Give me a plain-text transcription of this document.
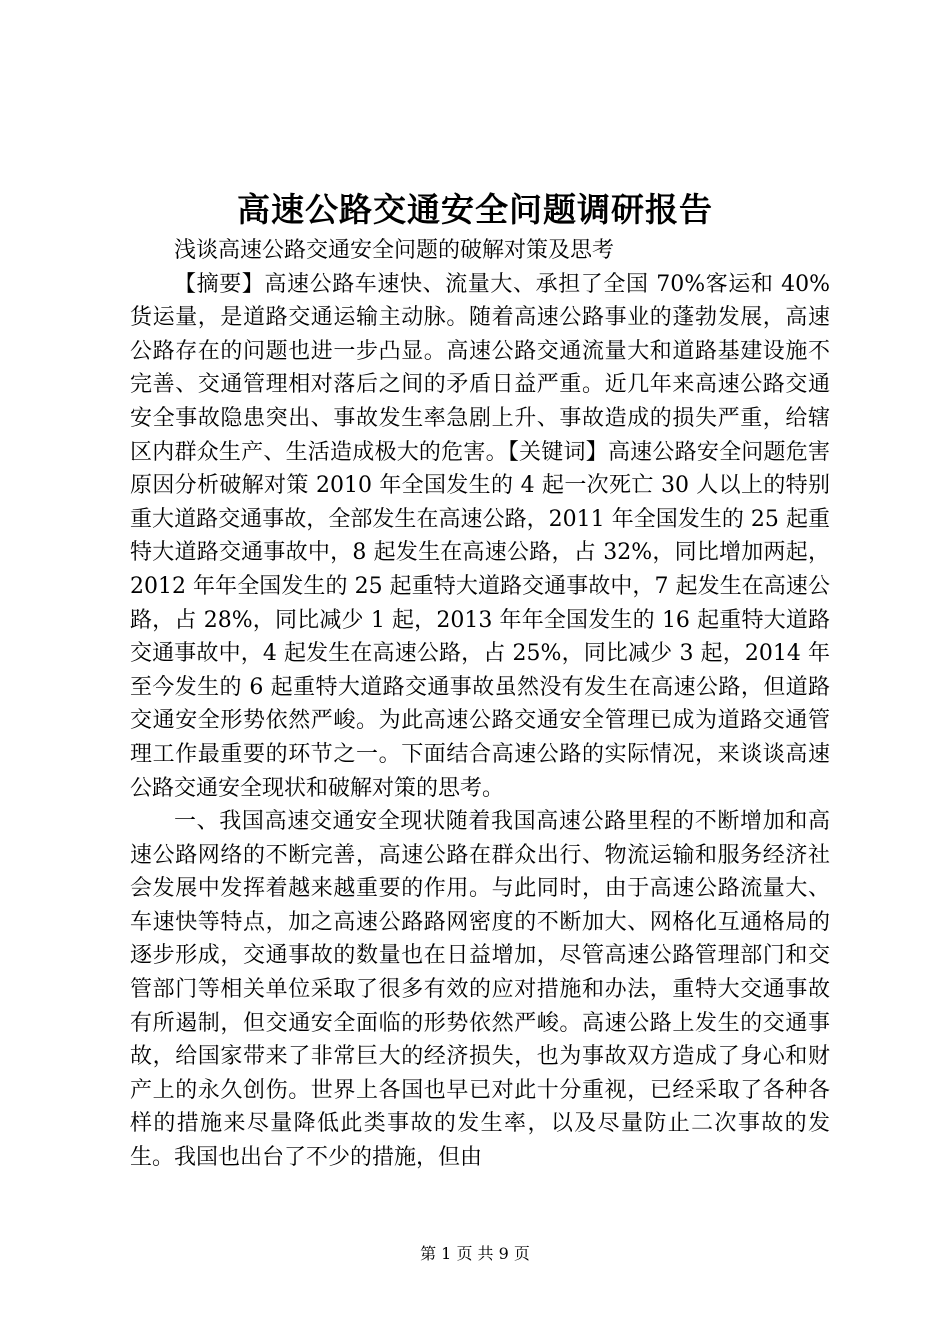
高速公路交通安全问题调研报告

浅谈高速公路交通安全问题的破解对策及思考

【摘要】高速公路车速快、流量大、承担了全国 70%客运和 40%货运量，是道路交通运输主动脉。随着高速公路事业的蓬勃发展，高速公路存在的问题也进一步凸显。高速公路交通流量大和道路基建设施不完善、交通管理相对落后之间的矛盾日益严重。近几年来高速公路交通安全事故隐患突出、事故发生率急剧上升、事故造成的损失严重，给辖区内群众生产、生活造成极大的危害。【关键词】高速公路安全问题危害原因分析破解对策 2010 年全国发生的 4 起一次死亡 30 人以上的特别重大道路交通事故，全部发生在高速公路，2011 年全国发生的 25 起重特大道路交通事故中，8 起发生在高速公路，占 32%，同比增加两起，2012 年年全国发生的 25 起重特大道路交通事故中，7 起发生在高速公路，占 28%，同比减少 1 起，2013 年年全国发生的 16 起重特大道路交通事故中，4 起发生在高速公路，占 25%，同比减少 3 起，2014 年至今发生的 6 起重特大道路交通事故虽然没有发生在高速公路，但道路交通安全形势依然严峻。为此高速公路交通安全管理已成为道路交通管理工作最重要的环节之一。下面结合高速公路的实际情况，来谈谈高速公路交通安全现状和破解对策的思考。

一、我国高速交通安全现状随着我国高速公路里程的不断增加和高速公路网络的不断完善，高速公路在群众出行、物流运输和服务经济社会发展中发挥着越来越重要的作用。与此同时，由于高速公路流量大、车速快等特点，加之高速公路路网密度的不断加大、网格化互通格局的逐步形成，交通事故的数量也在日益增加，尽管高速公路管理部门和交管部门等相关单位采取了很多有效的应对措施和办法，重特大交通事故有所遏制，但交通安全面临的形势依然严峻。高速公路上发生的交通事故，给国家带来了非常巨大的经济损失，也为事故双方造成了身心和财产上的永久创伤。世界上各国也早已对此十分重视，已经采取了各种各样的措施来尽量降低此类事故的发生率，以及尽量防止二次事故的发生。我国也出台了不少的措施，但由

第 1 页 共 9 页
